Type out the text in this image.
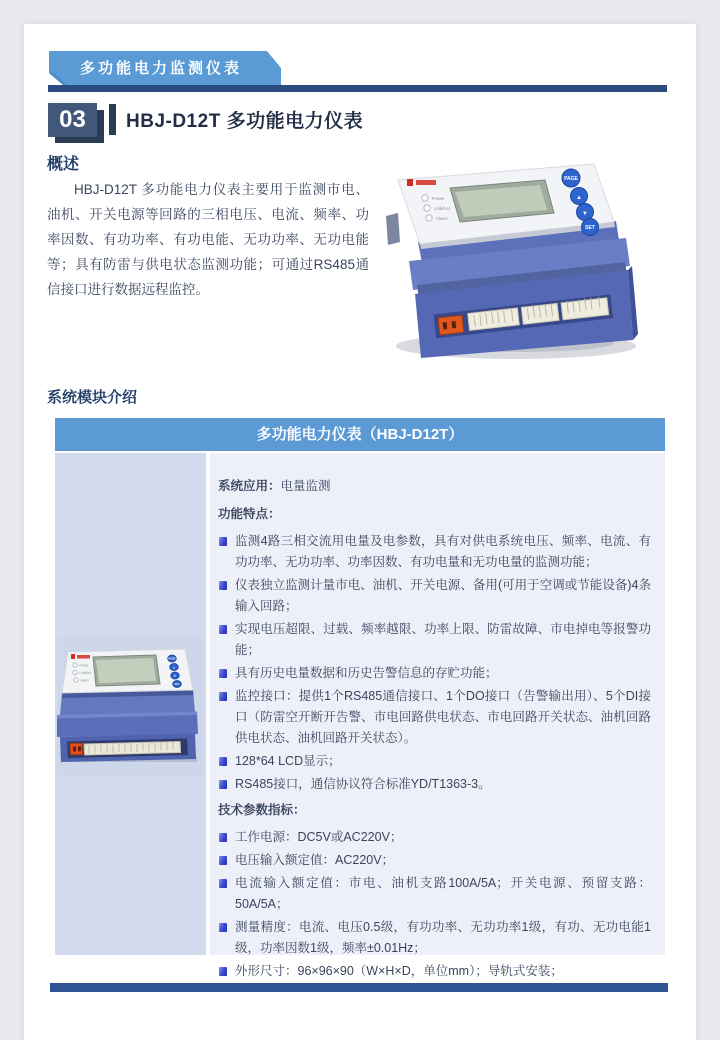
多功能电力监测仪表
03	HBJ-D12T 多功能电力仪表
概述
HBJ-D12T 多功能电力仪表主要用于监测市电、油机、开关电源等回路的三相电压、电流、频率、功率因数、有功功率、有功电能、无功功率、无功电能等；具有防雷与供电状态监测功能；可通过RS485通信接口进行数据远程监控。
Power
Link/Act
Alarm
PAGE
▲
▼
SET
系统模块介绍
多功能电力仪表（HBJ-D12T）
Power
Link/Act
Alarm
PAGE
▲
▼
SET

系统应用：电量监测

功能特点：

监测4路三相交流用电量及电参数，具有对供电系统电压、频率、电流、有功功率、无功功率、功率因数、有功电量和无功电量的监测功能；
仪表独立监测计量市电、油机、开关电源、备用(可用于空调或节能设备)4条输入回路；
实现电压超限、过载、频率越限、功率上限、防雷故障、市电掉电等报警功能；
具有历史电量数据和历史告警信息的存贮功能；
监控接口：提供1个RS485通信接口、1个DO接口（告警输出用）、5个DI接口（防雷空开断开告警、市电回路供电状态、市电回路开关状态、油机回路供电状态、油机回路开关状态）。
128*64 LCD显示；
RS485接口，通信协议符合标准YD/T1363-3。

技术参数指标：

工作电源：DC5V或AC220V；
电压输入额定值：AC220V；
电流输入额定值：市电、油机支路100A/5A；开关电源、预留支路：50A/5A；
测量精度：电流、电压0.5级，有功功率、无功功率1级，有功、无功电能1级，功率因数1级，频率±0.01Hz；
外形尺寸：96×96×90（W×H×D，单位mm）；导轨式安装；
